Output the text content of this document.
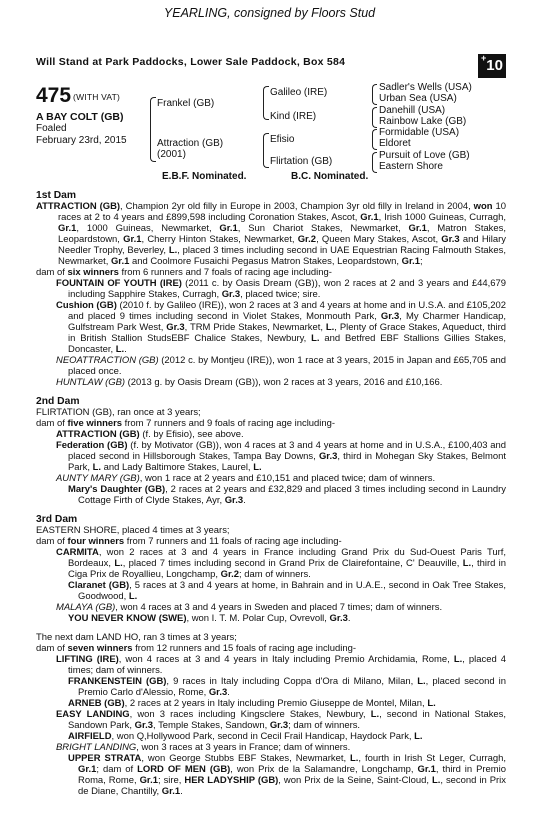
YEARLING, consigned by Floors Stud
Will Stand at Park Paddocks, Lower Sale Paddock, Box 584	+10
475 (WITH VAT)
A BAY COLT (GB)
Foaled
February 23rd, 2015
Frankel (GB)
Attraction (GB)
(2001)
Galileo (IRE)
Kind (IRE)
Efisio
Flirtation (GB)
Sadler's Wells (USA)
Urban Sea (USA)
Danehill (USA)
Rainbow Lake (GB)
Formidable (USA)
Eldoret
Pursuit of Love (GB)
Eastern Shore
E.B.F. Nominated.	B.C. Nominated.

1st Dam

ATTRACTION (GB), Champion 2yr old filly in Europe in 2003, Champion 3yr old filly in Ireland in 2004, won 10 races at 2 to 4 years and £899,598 including Coronation Stakes, Ascot, Gr.1, Irish 1000 Guineas, Curragh, Gr.1, 1000 Guineas, Newmarket, Gr.1, Sun Chariot Stakes, Newmarket, Gr.1, Matron Stakes, Leopardstown, Gr.1, Cherry Hinton Stakes, Newmarket, Gr.2, Queen Mary Stakes, Ascot, Gr.3 and Hilary Needler Trophy, Beverley, L., placed 3 times including second in UAE Equestrian Racing Falmouth Stakes, Newmarket, Gr.1 and Coolmore Fusaichi Pegasus Matron Stakes, Leopardstown, Gr.1;

dam of six winners from 6 runners and 7 foals of racing age including-

FOUNTAIN OF YOUTH (IRE) (2011 c. by Oasis Dream (GB)), won 2 races at 2 and 3 years and £44,679 including Sapphire Stakes, Curragh, Gr.3, placed twice; sire.

Cushion (GB) (2010 f. by Galileo (IRE)), won 2 races at 3 and 4 years at home and in U.S.A. and £105,202 and placed 9 times including second in Violet Stakes, Monmouth Park, Gr.3, My Charmer Handicap, Gulfstream Park West, Gr.3, TRM Pride Stakes, Newmarket, L., Plenty of Grace Stakes, Aqueduct, third in British Stallion StudsEBF Chalice Stakes, Newbury, L. and Betfred EBF Stallions Gillies Stakes, Doncaster, L..

NEOATTRACTION (GB) (2012 c. by Montjeu (IRE)), won 1 race at 3 years, 2015 in Japan and £65,705 and placed once.

HUNTLAW (GB) (2013 g. by Oasis Dream (GB)), won 2 races at 3 years, 2016 and £10,166.

2nd Dam

FLIRTATION (GB), ran once at 3 years;

dam of five winners from 7 runners and 9 foals of racing age including-

ATTRACTION (GB) (f. by Efisio), see above.

Federation (GB) (f. by Motivator (GB)), won 4 races at 3 and 4 years at home and in U.S.A., £100,403 and placed second in Hillsborough Stakes, Tampa Bay Downs, Gr.3, third in Mohegan Sky Stakes, Belmont Park, L. and Lady Baltimore Stakes, Laurel, L.

AUNTY MARY (GB), won 1 race at 2 years and £10,151 and placed twice; dam of winners.

Mary's Daughter (GB), 2 races at 2 years and £32,829 and placed 3 times including second in Laundry Cottage Firth of Clyde Stakes, Ayr, Gr.3.

3rd Dam

EASTERN SHORE, placed 4 times at 3 years;

dam of four winners from 7 runners and 11 foals of racing age including-

CARMITA, won 2 races at 3 and 4 years in France including Grand Prix du Sud-Ouest Paris Turf, Bordeaux, L., placed 7 times including second in Grand Prix de Clairefontaine, C' Deauville, L., third in Ciga Prix de Royallieu, Longchamp, Gr.2; dam of winners.

Claranet (GB), 5 races at 3 and 4 years at home, in Bahrain and in U.A.E., second in Oak Tree Stakes, Goodwood, L.

MALAYA (GB), won 4 races at 3 and 4 years in Sweden and placed 7 times; dam of winners.

YOU NEVER KNOW (SWE), won I. T. M. Polar Cup, Ovrevoll, Gr.3.

The next dam LAND HO, ran 3 times at 3 years;

dam of seven winners from 12 runners and 15 foals of racing age including-

LIFTING (IRE), won 4 races at 3 and 4 years in Italy including Premio Archidamia, Rome, L., placed 4 times; dam of winners.

FRANKENSTEIN (GB), 9 races in Italy including Coppa d'Ora di Milano, Milan, L., placed second in Premio Carlo d'Alessio, Rome, Gr.3.

ARNEB (GB), 2 races at 2 years in Italy including Premio Giuseppe de Montel, Milan, L.

EASY LANDING, won 3 races including Kingsclere Stakes, Newbury, L., second in National Stakes, Sandown Park, Gr.3, Temple Stakes, Sandown, Gr.3; dam of winners.

AIRFIELD, won Q,Hollywood Park, second in Cecil Frail Handicap, Haydock Park, L.

BRIGHT LANDING, won 3 races at 3 years in France; dam of winners.

UPPER STRATA, won George Stubbs EBF Stakes, Newmarket, L., fourth in Irish St Leger, Curragh, Gr.1; dam of LORD OF MEN (GB), won Prix de la Salamandre, Longchamp, Gr.1, third in Premio Roma, Rome, Gr.1; sire, HER LADYSHIP (GB), won Prix de la Seine, Saint-Cloud, L., second in Prix de Diane, Chantilly, Gr.1.
